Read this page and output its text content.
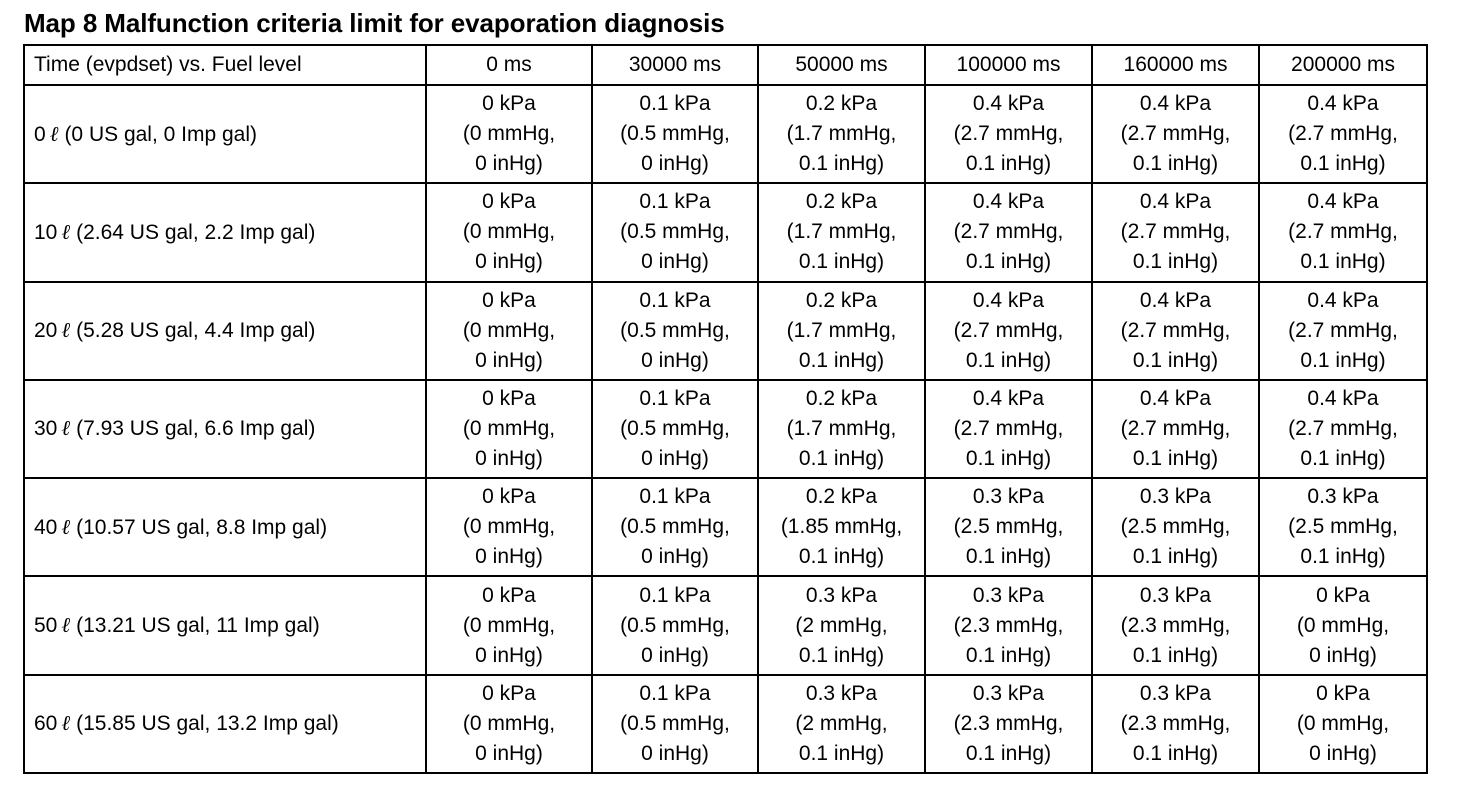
Map 8 Malfunction criteria limit for evaporation diagnosis
Time (evpdset) vs. Fuel level	0 ms	30000 ms	50000 ms	100000 ms	160000 ms	200000 ms
0 ℓ (0 US gal, 0 Imp gal)	0 kPa
(0 mmHg,
0 inHg)	0.1 kPa
(0.5 mmHg,
0 inHg)	0.2 kPa
(1.7 mmHg,
0.1 inHg)	0.4 kPa
(2.7 mmHg,
0.1 inHg)	0.4 kPa
(2.7 mmHg,
0.1 inHg)	0.4 kPa
(2.7 mmHg,
0.1 inHg)

10 ℓ (2.64 US gal, 2.2 Imp gal)	0 kPa
(0 mmHg,
0 inHg)	0.1 kPa
(0.5 mmHg,
0 inHg)	0.2 kPa
(1.7 mmHg,
0.1 inHg)	0.4 kPa
(2.7 mmHg,
0.1 inHg)	0.4 kPa
(2.7 mmHg,
0.1 inHg)	0.4 kPa
(2.7 mmHg,
0.1 inHg)

20 ℓ (5.28 US gal, 4.4 Imp gal)	0 kPa
(0 mmHg,
0 inHg)	0.1 kPa
(0.5 mmHg,
0 inHg)	0.2 kPa
(1.7 mmHg,
0.1 inHg)	0.4 kPa
(2.7 mmHg,
0.1 inHg)	0.4 kPa
(2.7 mmHg,
0.1 inHg)	0.4 kPa
(2.7 mmHg,
0.1 inHg)

30 ℓ (7.93 US gal, 6.6 Imp gal)	0 kPa
(0 mmHg,
0 inHg)	0.1 kPa
(0.5 mmHg,
0 inHg)	0.2 kPa
(1.7 mmHg,
0.1 inHg)	0.4 kPa
(2.7 mmHg,
0.1 inHg)	0.4 kPa
(2.7 mmHg,
0.1 inHg)	0.4 kPa
(2.7 mmHg,
0.1 inHg)

40 ℓ (10.57 US gal, 8.8 Imp gal)	0 kPa
(0 mmHg,
0 inHg)	0.1 kPa
(0.5 mmHg,
0 inHg)	0.2 kPa
(1.85 mmHg,
0.1 inHg)	0.3 kPa
(2.5 mmHg,
0.1 inHg)	0.3 kPa
(2.5 mmHg,
0.1 inHg)	0.3 kPa
(2.5 mmHg,
0.1 inHg)

50 ℓ (13.21 US gal, 11 Imp gal)	0 kPa
(0 mmHg,
0 inHg)	0.1 kPa
(0.5 mmHg,
0 inHg)	0.3 kPa
(2 mmHg,
0.1 inHg)	0.3 kPa
(2.3 mmHg,
0.1 inHg)	0.3 kPa
(2.3 mmHg,
0.1 inHg)	0 kPa
(0 mmHg,
0 inHg)

60 ℓ (15.85 US gal, 13.2 Imp gal)	0 kPa
(0 mmHg,
0 inHg)	0.1 kPa
(0.5 mmHg,
0 inHg)	0.3 kPa
(2 mmHg,
0.1 inHg)	0.3 kPa
(2.3 mmHg,
0.1 inHg)	0.3 kPa
(2.3 mmHg,
0.1 inHg)	0 kPa
(0 mmHg,
0 inHg)
